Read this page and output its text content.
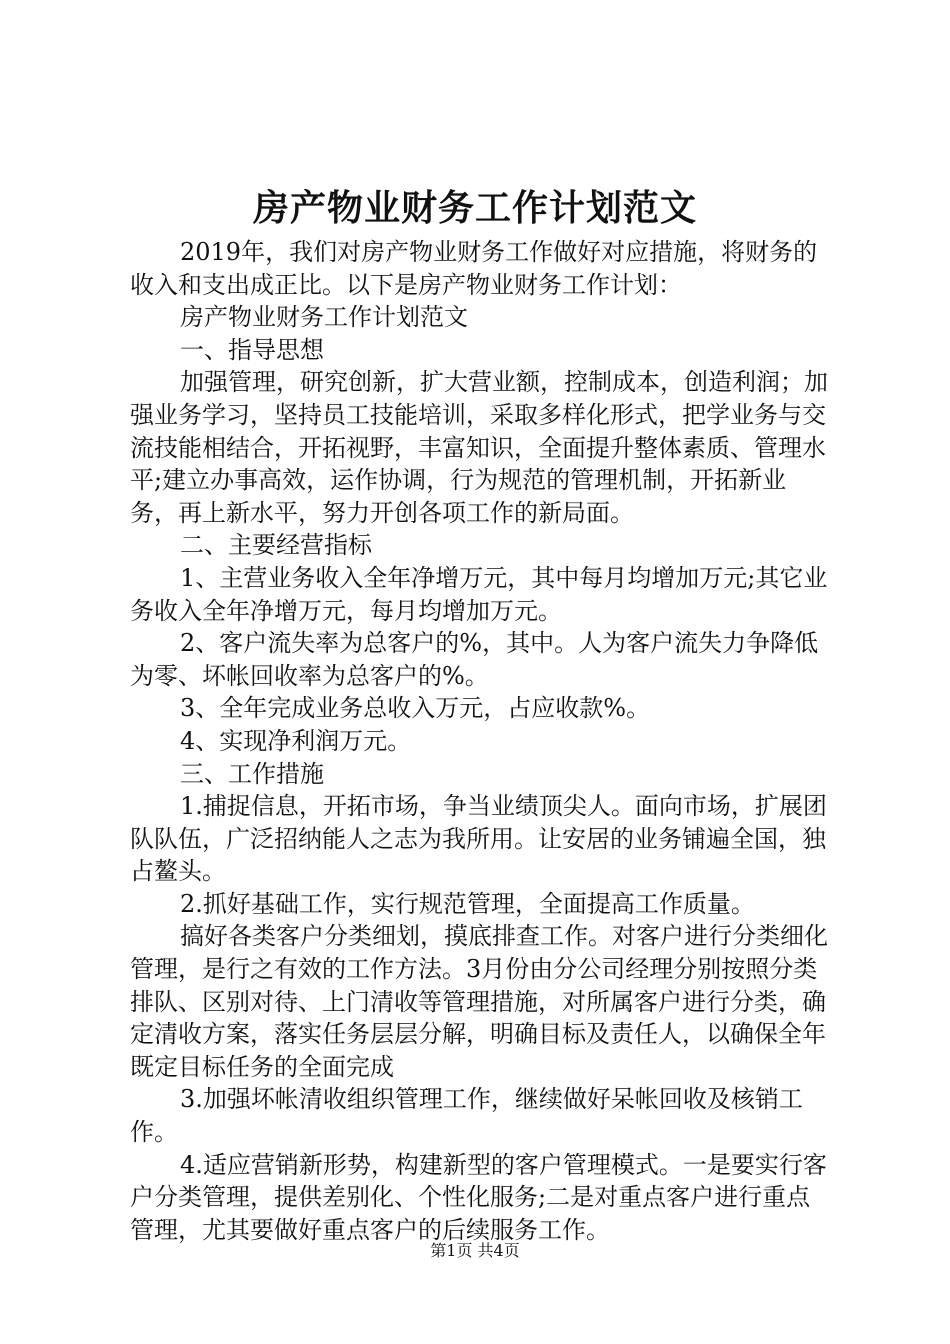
房产物业财务工作计划范文

2019年，我们对房产物业财务工作做好对应措施，将财务的收入和支出成正比。以下是房产物业财务工作计划：

房产物业财务工作计划范文

一、指导思想

加强管理，研究创新，扩大营业额，控制成本，创造利润；加强业务学习，坚持员工技能培训，采取多样化形式，把学业务与交流技能相结合，开拓视野，丰富知识，全面提升整体素质、管理水平;建立办事高效，运作协调，行为规范的管理机制，开拓新业务，再上新水平，努力开创各项工作的新局面。

二、主要经营指标

1、主营业务收入全年净增万元，其中每月均增加万元;其它业务收入全年净增万元，每月均增加万元。

2、客户流失率为总客户的%，其中。人为客户流失力争降低为零、坏帐回收率为总客户的%。

3、全年完成业务总收入万元，占应收款%。

4、实现净利润万元。

三、工作措施

1.捕捉信息，开拓市场，争当业绩顶尖人。面向市场，扩展团队队伍，广泛招纳能人之志为我所用。让安居的业务铺遍全国，独占鳌头。

2.抓好基础工作，实行规范管理，全面提高工作质量。

搞好各类客户分类细划，摸底排查工作。对客户进行分类细化管理，是行之有效的工作方法。3月份由分公司经理分别按照分类排队、区别对待、上门清收等管理措施，对所属客户进行分类，确定清收方案，落实任务层层分解，明确目标及责任人，以确保全年既定目标任务的全面完成

3.加强坏帐清收组织管理工作，继续做好呆帐回收及核销工作。

4.适应营销新形势，构建新型的客户管理模式。一是要实行客户分类管理，提供差别化、个性化服务;二是对重点客户进行重点管理，尤其要做好重点客户的后续服务工作。

第1页 共4页
